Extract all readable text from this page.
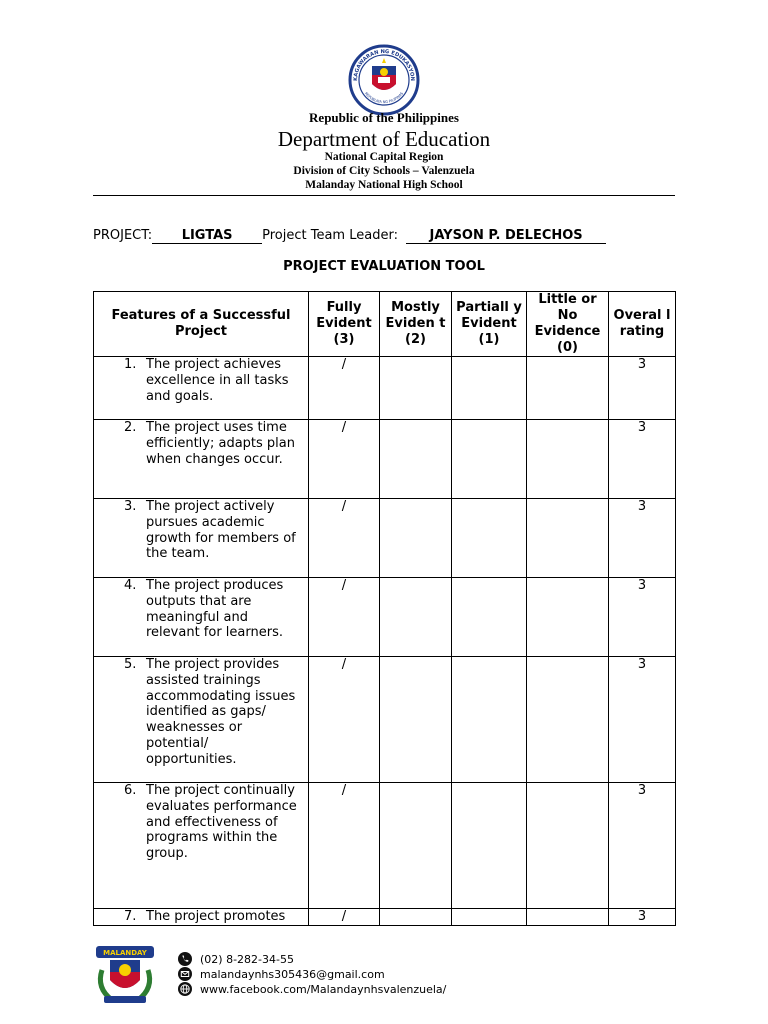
KAGAWARAN NG EDUKASYON
REPUBLIKA NG PILIPINAS
Republic of the Philippines
Department of Education
National Capital Region
Division of City Schools – Valenzuela
Malanday National High School
PROJECT: LIGTAS Project Team Leader: JAYSON P. DELECHOS
PROJECT EVALUATION TOOL
Features of a Successful Project	Fully Evident (3)	Mostly Eviden t (2)	Partiall y Evident (1)	Little or No Evidence (0)	Overal l rating

1. The project achieves excellence in all tasks and goals.	/				3

2. The project uses time efficiently; adapts plan when changes occur.	/				3

3. The project actively pursues academic growth for members of the team.	/				3

4. The project produces outputs that are meaningful and relevant for learners.	/				3

5. The project provides assisted trainings accommodating issues identified as gaps/ weaknesses or potential/ opportunities.	/				3

6. The project continually evaluates performance and effectiveness of programs within the group.	/				3

7. The project promotes	/				3
MALANDAY	(02) 8-282-34-55
malandaynhs305436@gmail.com
www.facebook.com/Malandaynhsvalenzuela/
